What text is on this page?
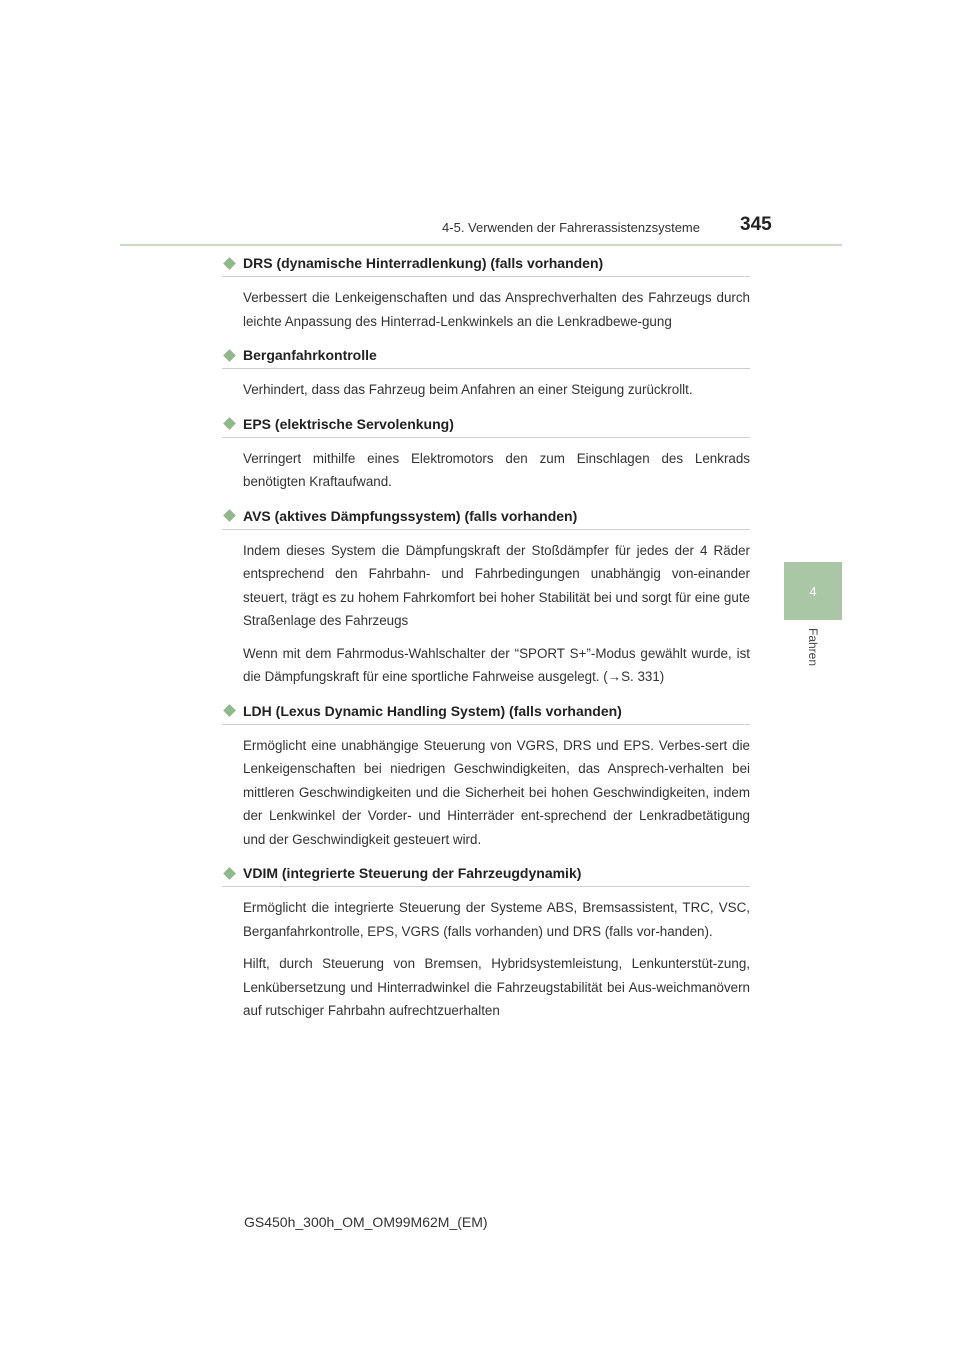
4-5. Verwenden der Fahrerassistenzsysteme 345
4
Fahren
DRS (dynamische Hinterradlenkung) (falls vorhanden)

Verbessert die Lenkeigenschaften und das Ansprechverhalten des Fahrzeugs durch leichte Anpassung des Hinterrad-Lenkwinkels an die Lenkradbewe-gung

Berganfahrkontrolle

Verhindert, dass das Fahrzeug beim Anfahren an einer Steigung zurückrollt.

EPS (elektrische Servolenkung)

Verringert mithilfe eines Elektromotors den zum Einschlagen des Lenkrads benötigten Kraftaufwand.

AVS (aktives Dämpfungssystem) (falls vorhanden)

Indem dieses System die Dämpfungskraft der Stoßdämpfer für jedes der 4 Räder entsprechend den Fahrbahn- und Fahrbedingungen unabhängig von-einander steuert, trägt es zu hohem Fahrkomfort bei hoher Stabilität bei und sorgt für eine gute Straßenlage des Fahrzeugs

Wenn mit dem Fahrmodus-Wahlschalter der “SPORT S+”-Modus gewählt wurde, ist die Dämpfungskraft für eine sportliche Fahrweise ausgelegt. (→S. 331)

LDH (Lexus Dynamic Handling System) (falls vorhanden)

Ermöglicht eine unabhängige Steuerung von VGRS, DRS und EPS. Verbes-sert die Lenkeigenschaften bei niedrigen Geschwindigkeiten, das Ansprech-verhalten bei mittleren Geschwindigkeiten und die Sicherheit bei hohen Geschwindigkeiten, indem der Lenkwinkel der Vorder- und Hinterräder ent-sprechend der Lenkradbetätigung und der Geschwindigkeit gesteuert wird.

VDIM (integrierte Steuerung der Fahrzeugdynamik)

Ermöglicht die integrierte Steuerung der Systeme ABS, Bremsassistent, TRC, VSC, Berganfahrkontrolle, EPS, VGRS (falls vorhanden) und DRS (falls vor-handen).

Hilft, durch Steuerung von Bremsen, Hybridsystemleistung, Lenkunterstüt-zung, Lenkübersetzung und Hinterradwinkel die Fahrzeugstabilität bei Aus-weichmanövern auf rutschiger Fahrbahn aufrechtzuerhalten

GS450h_300h_OM_OM99M62M_(EM)
